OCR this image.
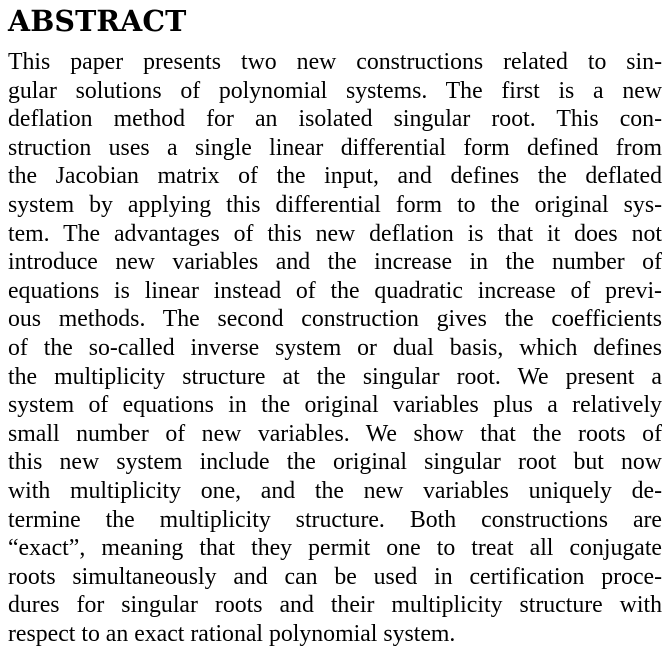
ABSTRACT
This paper presents two new constructions related to sin-
gular solutions of polynomial systems. The first is a new
deflation method for an isolated singular root. This con-
struction uses a single linear differential form defined from
the Jacobian matrix of the input, and defines the deflated
system by applying this differential form to the original sys-
tem. The advantages of this new deflation is that it does not
introduce new variables and the increase in the number of
equations is linear instead of the quadratic increase of previ-
ous methods. The second construction gives the coefficients
of the so-called inverse system or dual basis, which defines
the multiplicity structure at the singular root. We present a
system of equations in the original variables plus a relatively
small number of new variables. We show that the roots of
this new system include the original singular root but now
with multiplicity one, and the new variables uniquely de-
termine the multiplicity structure. Both constructions are
“exact”, meaning that they permit one to treat all conjugate
roots simultaneously and can be used in certification proce-
dures for singular roots and their multiplicity structure with
respect to an exact rational polynomial system.
